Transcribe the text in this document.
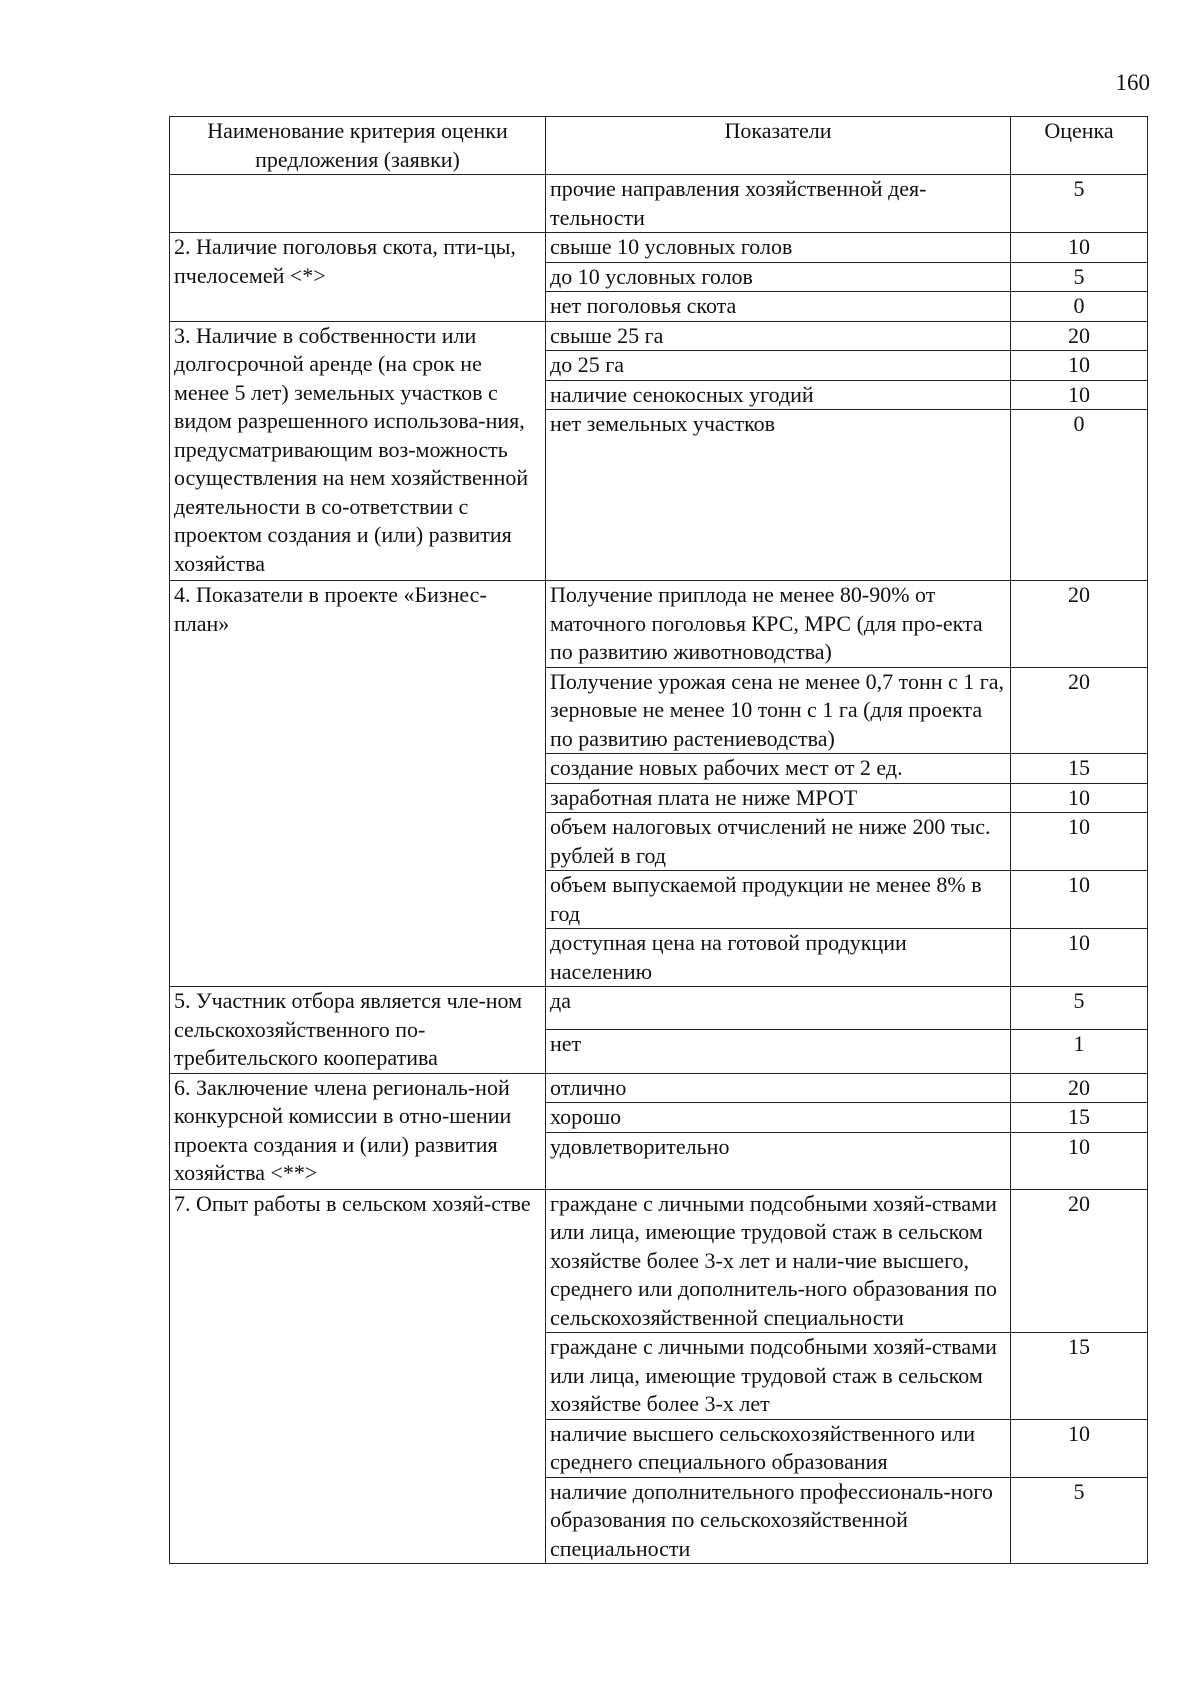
160
Наименование критерия оценки предложения (заявки)	Показатели	Оценка
	прочие направления хозяйственной дея-тельности	5
2. Наличие поголовья скота, пти-цы, пчелосемей <*>	свыше 10 условных голов	10
	до 10 условных голов	5
	нет поголовья скота	0
3. Наличие в собственности или долгосрочной аренде (на срок не менее 5 лет) земельных участков с видом разрешенного использова-ния, предусматривающим воз-можность осуществления на нем хозяйственной деятельности в со-ответствии с проектом создания и (или) развития хозяйства	свыше 25 га	20
	до 25 га	10
	наличие сенокосных угодий	10
	нет земельных участков	0
4. Показатели в проекте «Бизнес-план»	Получение приплода не менее 80-90% от маточного поголовья КРС, МРС (для про-екта по развитию животноводства)	20
	Получение урожая сена не менее 0,7 тонн с 1 га, зерновые не менее 10 тонн с 1 га (для проекта по развитию растениеводства)	20
	создание новых рабочих мест от 2 ед.	15
	заработная плата не ниже МРОТ	10
	объем налоговых отчислений не ниже 200 тыс. рублей в год	10
	объем выпускаемой продукции не менее 8% в год	10
	доступная цена на готовой продукции населению	10
5. Участник отбора является чле-ном сельскохозяйственного по-требительского кооператива	да	5
	нет	1
6. Заключение члена региональ-ной конкурсной комиссии в отно-шении проекта создания и (или) развития хозяйства <**>	отлично	20
	хорошо	15
	удовлетворительно	10
7. Опыт работы в сельском хозяй-стве	граждане с личными подсобными хозяй-ствами или лица, имеющие трудовой стаж в сельском хозяйстве более 3-х лет и нали-чие высшего, среднего или дополнитель-ного образования по сельскохозяйственной специальности	20
	граждане с личными подсобными хозяй-ствами или лица, имеющие трудовой стаж в сельском хозяйстве более 3-х лет	15
	наличие высшего сельскохозяйственного или среднего специального образования	10
	наличие дополнительного профессиональ-ного образования по сельскохозяйственной специальности	5
